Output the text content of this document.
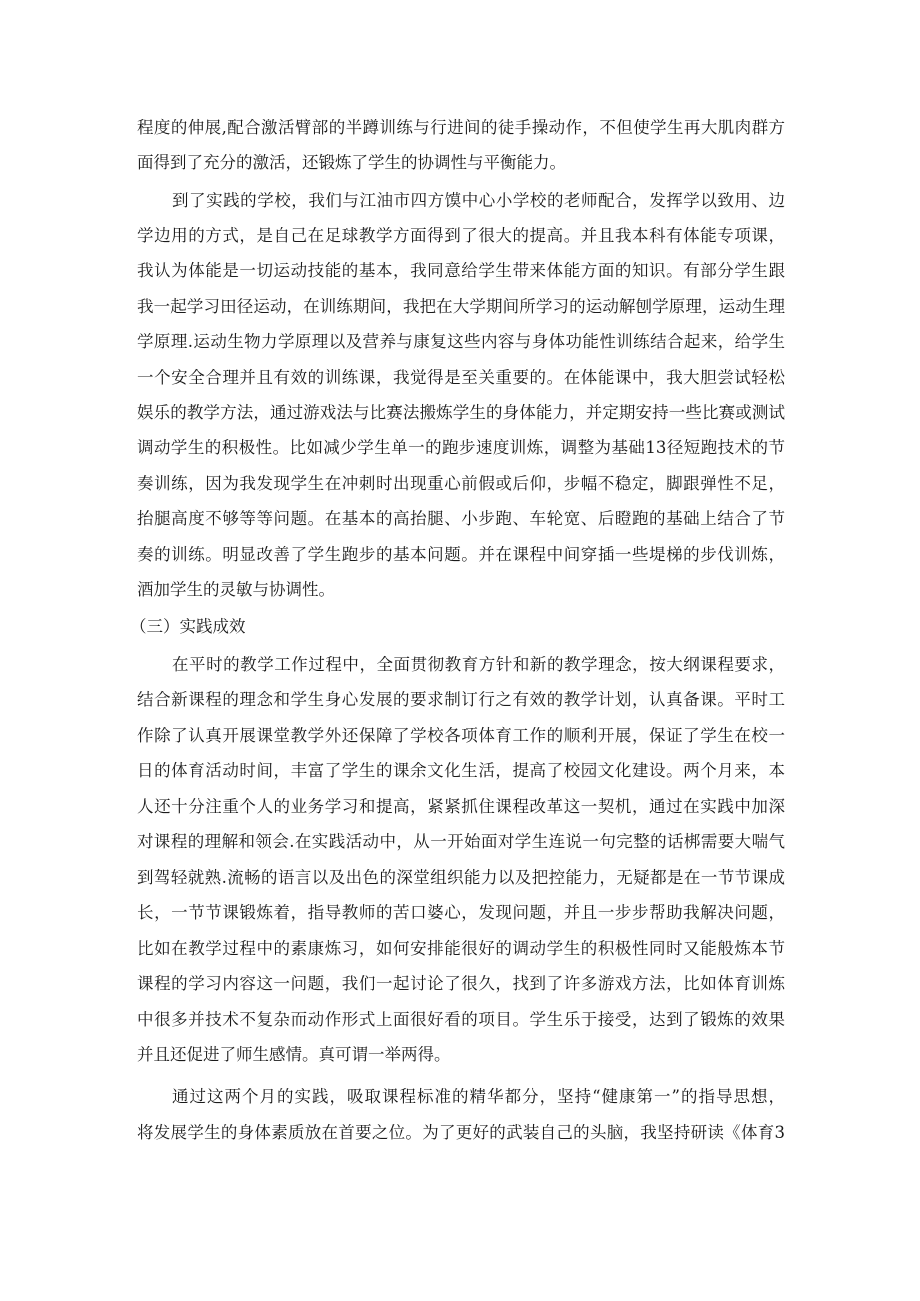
程度的伸展,配合激活臂部的半蹲训练与行进间的徒手操动作，不但使学生再大肌肉群方
面得到了充分的激活，还锻炼了学生的协调性与平衡能力。
到了实践的学校，我们与江油市四方馍中心小学校的老师配合，发挥学以致用、边
学边用的方式，是自己在足球教学方面得到了很大的提高。并且我本科有体能专项课，
我认为体能是一切运动技能的基本，我同意给学生带来体能方面的知识。有部分学生跟
我一起学习田径运动，在训练期间，我把在大学期间所学习的运动解刨学原理，运动生理
学原理.运动生物力学原理以及营养与康复这些内容与身体功能性训练结合起来，给学生
一个安全合理并且有效的训练课，我觉得是至关重要的。在体能课中，我大胆尝试轻松
娱乐的教学方法，通过游戏法与比赛法搬炼学生的身体能力，并定期安持一些比赛或测试
调动学生的积极性。比如减少学生单一的跑步速度训炼，调整为基础13径短跑技术的节
奏训练，因为我发现学生在冲刺时出现重心前假或后仰，步幅不稳定，脚跟弹性不足，
抬腿高度不够等等问题。在基本的高抬腿、小步跑、车轮宽、后瞪跑的基础上结合了节
奏的训练。明显改善了学生跑步的基本问题。并在课程中间穿插一些堤梯的步伐训炼，
酒加学生的灵敏与协调性。
（三）实践成效
在平时的教学工作过程中，全面贯彻教育方针和新的教学理念，按大纲课程要求，
结合新课程的理念和学生身心发展的要求制订行之有效的教学计划，认真备课。平时工
作除了认真开展课堂教学外还保障了学校各项体育工作的顺利开展，保证了学生在校一
日的体育活动时间，丰富了学生的课余文化生活，提高了校园文化建设。两个月来，本
人还十分注重个人的业务学习和提高，紧紧抓住课程改革这一契机，通过在实践中加深
对课程的理解和领会.在实践活动中，从一开始面对学生连说一句完整的话梆需要大喘气
到驾轻就熟.流畅的语言以及出色的深堂组织能力以及把控能力，无疑都是在一节节课成
长，一节节课锻炼着，指导教师的苦口婆心，发现问题，并且一步步帮助我解决问题，
比如在教学过程中的素康炼习，如何安排能很好的调动学生的积极性同时又能般炼本节
课程的学习内容这一问题，我们一起讨论了很久，找到了许多游戏方法，比如体育训炼
中很多并技术不复杂而动作形式上面很好看的项目。学生乐于接受，达到了锻炼的效果
并且还促进了师生感情。真可谓一举两得。
通过这两个月的实践，吸取课程标准的精华都分，坚持“健康第一”的指导思想，
将发展学生的身体素质放在首要之位。为了更好的武装自己的头脑，我坚持研读《体育3
